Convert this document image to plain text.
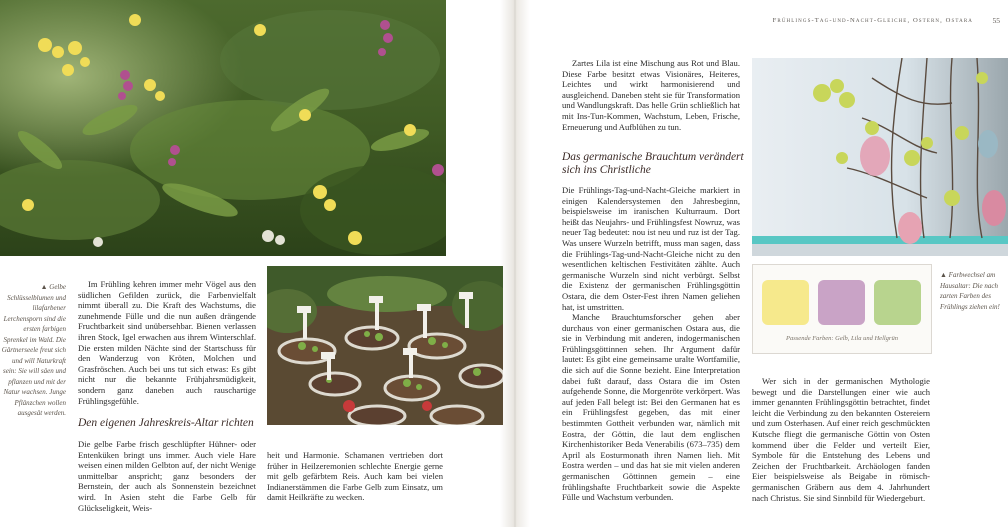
▲ Gelbe Schlüsselblumen und lilafarbener Lerchensporn sind die ersten farbigen Sprenkel im Wald. Die Gärtnerseele freut sich und will Naturkraft sein: Sie will säen und pflanzen und mit der Natur wachsen. Junge Pflänzchen wollen ausgesät werden.

Im Frühling kehren immer mehr Vögel aus den südlichen Gefilden zurück, die Farbenvielfalt nimmt überall zu. Die Kraft des Wachstums, die zunehmende Fülle und die nun außen drängende Fruchtbarkeit sind unübersehbar. Bienen verlassen ihren Stock, Igel erwachen aus ihrem Winterschlaf. Die ersten milden Nächte sind der Startschuss für den Wanderzug von Kröten, Molchen und Grasfröschen. Auch bei uns tut sich etwas: Es gibt nicht nur die bekannte Frühjahrsmüdigkeit, sondern ganz daneben auch rauschartige Frühlingsgefühle.

Den eigenen Jahreskreis-Altar richten

Die gelbe Farbe frisch geschlüpfter Hühner- oder Entenküken bringt uns immer. Auch viele Hare weisen einen milden Gelbton auf, der nicht Wenige unmittelbar anspricht; ganz besonders der Bernstein, der auch als Sonnenstein bezeichnet wird. In Asien steht die Farbe Gelb für Glückseligkeit, Weis-

heit und Harmonie. Schamanen vertrieben dort früher in Heilzeremonien schlechte Energie gerne mit gelb gefärbtem Reis. Auch kam bei vielen Indianerstämmen die Farbe Gelb zum Einsatz, um damit Heilkräfte zu wecken.

Frühlings-Tag-und-Nacht-Gleiche, Ostern, Ostara	55

Zartes Lila ist eine Mischung aus Rot und Blau. Diese Farbe besitzt etwas Visionäres, Heiteres, Leichtes und wirkt harmonisierend und ausgleichend. Daneben steht sie für Transformation und Wandlungskraft. Das helle Grün schließlich hat mit Ins-Tun-Kommen, Wachstum, Leben, Frische, Erneuerung und Aufblühen zu tun.

Das germanische Brauchtum verändert sich ins Christliche

Die Frühlings-Tag-und-Nacht-Gleiche markiert in einigen Kalendersystemen den Jahresbeginn, beispielsweise im iranischen Kulturraum. Dort heißt das Neujahrs- und Frühlingsfest Nowruz, was neuer Tag bedeutet: nou ist neu und ruz ist der Tag. Was unsere Wurzeln betrifft, muss man sagen, dass die Frühlings-Tag-und-Nacht-Gleiche nicht zu den wesentlichen keltischen Festivitäten zählte. Auch germanische Wurzeln sind nicht verbürgt. Selbst die Existenz der germanischen Frühlingsgöttin Ostara, die dem Oster-Fest ihren Namen geliehen hat, ist umstritten.

Manche Brauchtumsforscher gehen aber durchaus von einer germanischen Ostara aus, die sie in Verbindung mit anderen, indogermanischen Frühlingsgöttinnen sehen. Ihr Argument dafür lautet: Es gibt eine gemeinsame uralte Wortfamilie, die sich auf die Sonne bezieht. Eine Interpretation dabei fußt darauf, dass Ostara die im Osten aufgehende Sonne, die Morgenröte verkörpert. Was auf jeden Fall belegt ist: Bei den Germanen hat es ein Frühlingsfest gegeben, das mit einer bestimmten Gottheit verbunden war, nämlich mit Eostra, der Göttin, die laut dem englischen Kirchenhistoriker Beda Venerabilis (673–735) dem April als Eosturmonath ihren Namen lieh. Mit Eostra werden – und das hat sie mit vielen anderen germanischen Göttinnen gemein – eine frühlingshafte Fruchtbarkeit sowie die Aspekte Fülle und Wachstum verbunden.

▲ Farbwechsel am Hausaltar: Die nach zarten Farben des Frühlings ziehen ein!
Passende Farben: Gelb, Lila und Hellgrün

Wer sich in der germanischen Mythologie bewegt und die Darstellungen einer wie auch immer genannten Frühlingsgöttin betrachtet, findet leicht die Verbindung zu den bekannten Ostereiern und zum Osterhasen. Auf einer reich geschmückten Kutsche fliegt die germanische Göttin von Osten kommend über die Felder und verteilt Eier, Symbole für die Entstehung des Lebens und Zeichen der Fruchtbarkeit. Archäologen fanden Eier beispielsweise als Beigabe in römisch-germanischen Gräbern aus dem 4. Jahrhundert nach Christus. Sie sind Sinnbild für Wiedergeburt.
